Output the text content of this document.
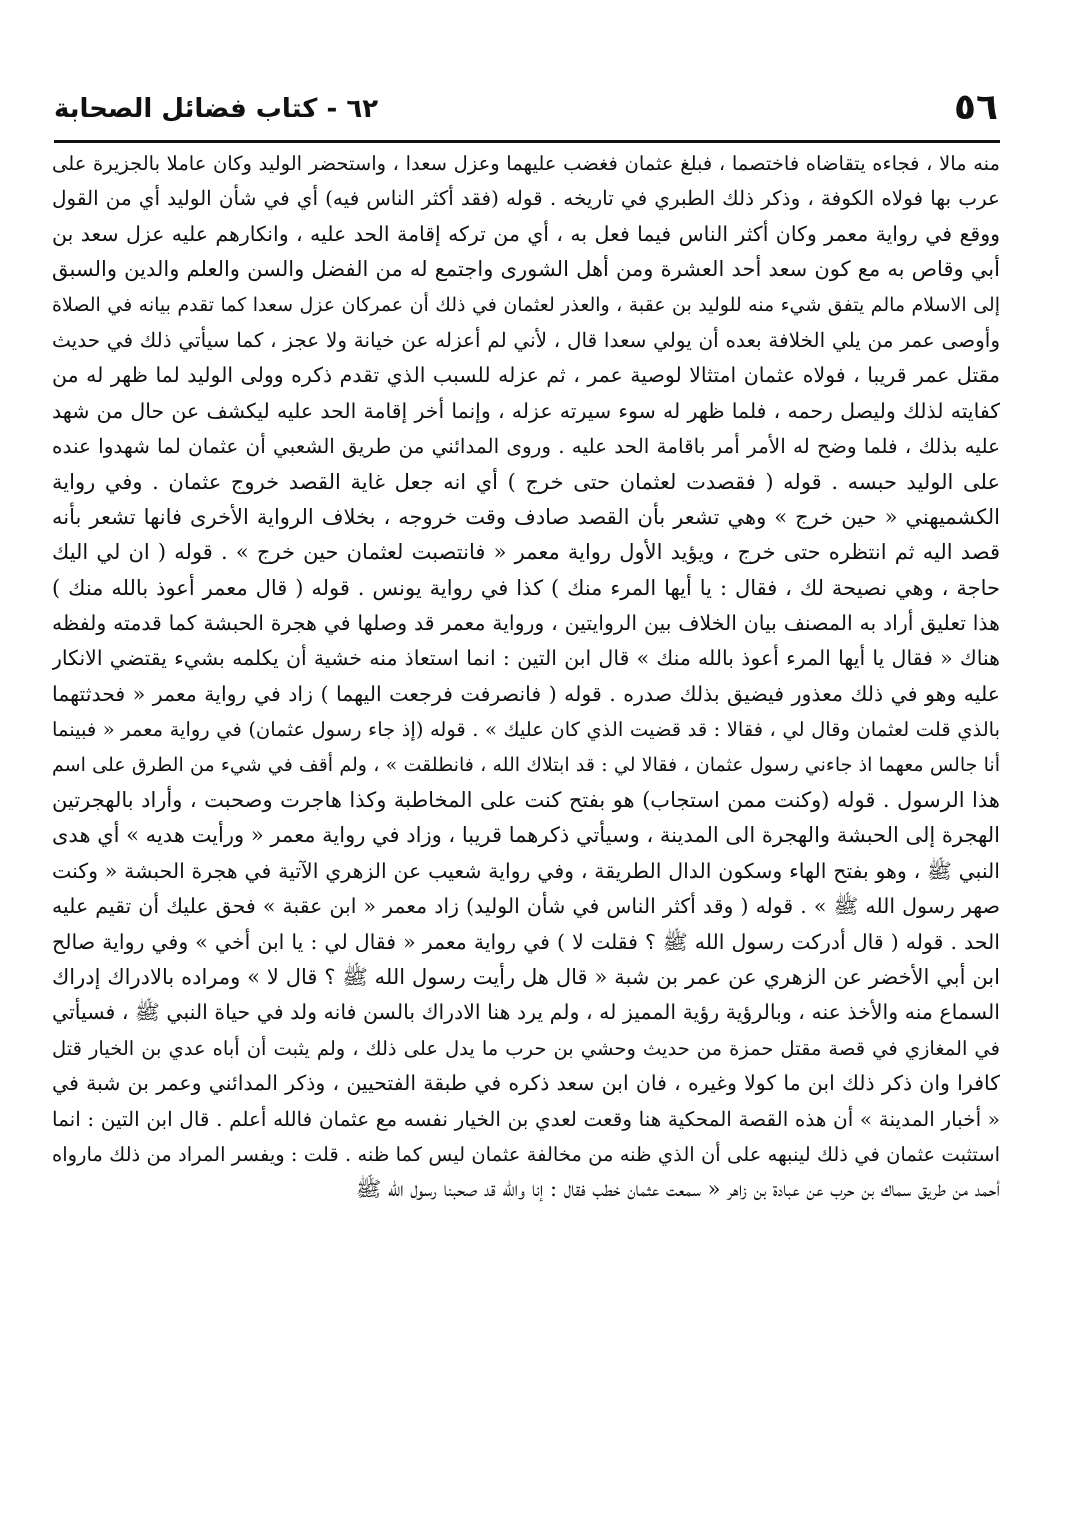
٥٦
٦٢ - كتاب فضائل الصحابة
منه مالا ، فجاءه يتقاضاه فاختصما ، فبلغ عثمان فغضب عليهما وعزل سعدا ، واستحضر الوليد وكان عاملا بالجزيرة على
عرب بها فولاه الكوفة ، وذكر ذلك الطبري في تاريخه . قوله (فقد أكثر الناس فيه) أي في شأن الوليد أي من القول
ووقع في رواية معمر وكان أكثر الناس فيما فعل به ، أي من تركه إقامة الحد عليه ، وانكارهم عليه عزل سعد بن
أبي وقاص به مع كون سعد أحد العشرة ومن أهل الشورى واجتمع له من الفضل والسن والعلم والدين والسبق
إلى الاسلام مالم يتفق شيء منه للوليد بن عقبة ، والعذر لعثمان في ذلك أن عمركان عزل سعدا كما تقدم بيانه في الصلاة
وأوصى عمر من يلي الخلافة بعده أن يولي سعدا قال ، لأني لم أعزله عن خيانة ولا عجز ، كما سيأتي ذلك في حديث
مقتل عمر قريبا ، فولاه عثمان امتثالا لوصية عمر ، ثم عزله للسبب الذي تقدم ذكره وولى الوليد لما ظهر له من
كفايته لذلك وليصل رحمه ، فلما ظهر له سوء سيرته عزله ، وإنما أخر إقامة الحد عليه ليكشف عن حال من شهد
عليه بذلك ، فلما وضح له الأمر أمر باقامة الحد عليه . وروى المدائني من طريق الشعبي أن عثمان لما شهدوا عنده
على الوليد حبسه . قوله ( فقصدت لعثمان حتى خرج ) أي انه جعل غاية القصد خروج عثمان . وفي رواية
الكشميهني « حين خرج » وهي تشعر بأن القصد صادف وقت خروجه ، بخلاف الرواية الأخرى فانها تشعر بأنه
قصد اليه ثم انتظره حتى خرج ، ويؤيد الأول رواية معمر « فانتصبت لعثمان حين خرج » . قوله ( ان لي اليك
حاجة ، وهي نصيحة لك ، فقال : يا أيها المرء منك ) كذا في رواية يونس . قوله ( قال معمر أعوذ بالله منك )
هذا تعليق أراد به المصنف بيان الخلاف بين الروايتين ، ورواية معمر قد وصلها في هجرة الحبشة كما قدمته ولفظه
هناك « فقال يا أيها المرء أعوذ بالله منك » قال ابن التين : انما استعاذ منه خشية أن يكلمه بشيء يقتضي الانكار
عليه وهو في ذلك معذور فيضيق بذلك صدره . قوله ( فانصرفت فرجعت اليهما ) زاد في رواية معمر « فحدثتهما
بالذي قلت لعثمان وقال لي ، فقالا : قد قضيت الذي كان عليك » . قوله (إذ جاء رسول عثمان) في رواية معمر « فبينما
أنا جالس معهما اذ جاءني رسول عثمان ، فقالا لي : قد ابتلاك الله ، فانطلقت » ، ولم أقف في شيء من الطرق على اسم
هذا الرسول . قوله (وكنت ممن استجاب) هو بفتح كنت على المخاطبة وكذا هاجرت وصحبت ، وأراد بالهجرتين
الهجرة إلى الحبشة والهجرة الى المدينة ، وسيأتي ذكرهما قريبا ، وزاد في رواية معمر « ورأيت هديه » أي هدى
النبي ﷺ ، وهو بفتح الهاء وسكون الدال الطريقة ، وفي رواية شعيب عن الزهري الآتية في هجرة الحبشة « وكنت
صهر رسول الله ﷺ » . قوله ( وقد أكثر الناس في شأن الوليد) زاد معمر « ابن عقبة » فحق عليك أن تقيم عليه
الحد . قوله ( قال أدركت رسول الله ﷺ ؟ فقلت لا ) في رواية معمر « فقال لي : يا ابن أخي » وفي رواية صالح
ابن أبي الأخضر عن الزهري عن عمر بن شبة « قال هل رأيت رسول الله ﷺ ؟ قال لا » ومراده بالادراك إدراك
السماع منه والأخذ عنه ، وبالرؤية رؤية المميز له ، ولم يرد هنا الادراك بالسن فانه ولد في حياة النبي ﷺ ، فسيأتي
في المغازي في قصة مقتل حمزة من حديث وحشي بن حرب ما يدل على ذلك ، ولم يثبت أن أباه عدي بن الخيار قتل
كافرا وان ذكر ذلك ابن ما كولا وغيره ، فان ابن سعد ذكره في طبقة الفتحيين ، وذكر المدائني وعمر بن شبة في
« أخبار المدينة » أن هذه القصة المحكية هنا وقعت لعدي بن الخيار نفسه مع عثمان فالله أعلم . قال ابن التين : انما
استثبت عثمان في ذلك لينبهه على أن الذي ظنه من مخالفة عثمان ليس كما ظنه . قلت : ويفسر المراد من ذلك مارواه
أحمد من طريق سماك بن حرب عن عبادة بن زاهر « سمعت عثمان خطب فقال : إنا والله قد صحبنا رسول الله ﷺ
